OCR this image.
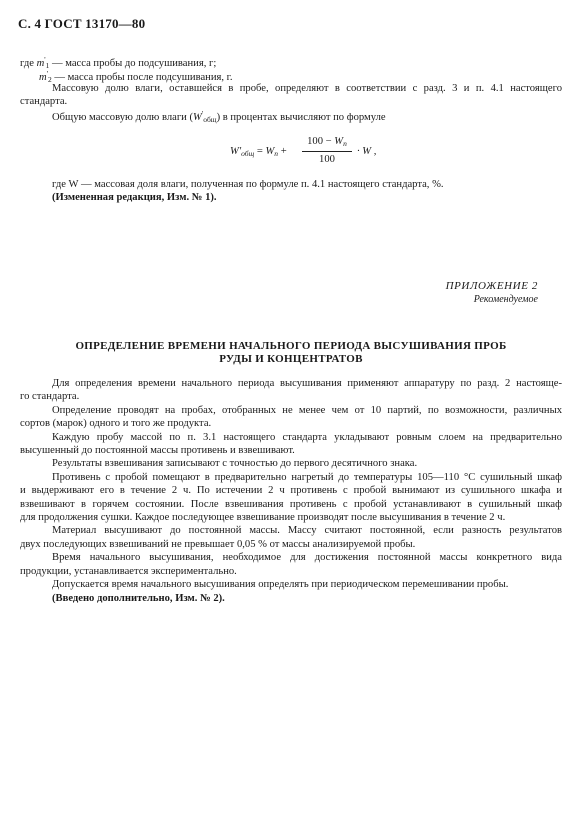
С. 4 ГОСТ 13170—80
где $m'_1$ — масса пробы до подсушивания, г;
$m'_2$ — масса пробы после подсушивания, г.
Массовую долю влаги, оставшейся в пробе, определяют в соответствии с разд. 3 и п. 4.1 настоящего
стандарта.
Общую массовую долю влаги $(W'_{общ})$ в процентах вычисляют по формуле
$W'_{общ} = W_п$ +
$100 - W_п$
100
· W ,
где W — массовая доля влаги, полученная по формуле п. 4.1 настоящего стандарта, %.
(Измененная редакция, Изм. № 1).
ПРИЛОЖЕНИЕ 2
Рекомендуемое
ОПРЕДЕЛЕНИЕ ВРЕМЕНИ НАЧАЛЬНОГО ПЕРИОДА ВЫСУШИВАНИЯ ПРОБ
РУДЫ И КОНЦЕНТРАТОВ
Для определения времени начального периода высушивания применяют аппаратуру по разд. 2 настояще-
го стандарта.
Определение проводят на пробах, отобранных не менее чем от 10 партий, по возможности, различных
сортов (марок) одного и того же продукта.
Каждую пробу массой по п. 3.1 настоящего стандарта укладывают ровным слоем на предварительно
высушенный до постоянной массы противень и взвешивают.
Результаты взвешивания записывают с точностью до первого десятичного знака.
Противень с пробой помещают в предварительно нагретый до температуры 105—110 °С сушильный шкаф
и выдерживают его в течение 2 ч. По истечении 2 ч противень с пробой вынимают из сушильного шкафа и
взвешивают в горячем состоянии. После взвешивания противень с пробой устанавливают в сушильный шкаф
для продолжения сушки. Каждое последующее взвешивание производят после высушивания в течение 2 ч.
Материал высушивают до постоянной массы. Массу считают постоянной, если разность результатов
двух последующих взвешиваний не превышает 0,05 % от массы анализируемой пробы.
Время начального высушивания, необходимое для достижения постоянной массы конкретного вида
продукции, устанавливается экспериментально.
Допускается время начального высушивания определять при периодическом перемешивании пробы.
(Введено дополнительно, Изм. № 2).
